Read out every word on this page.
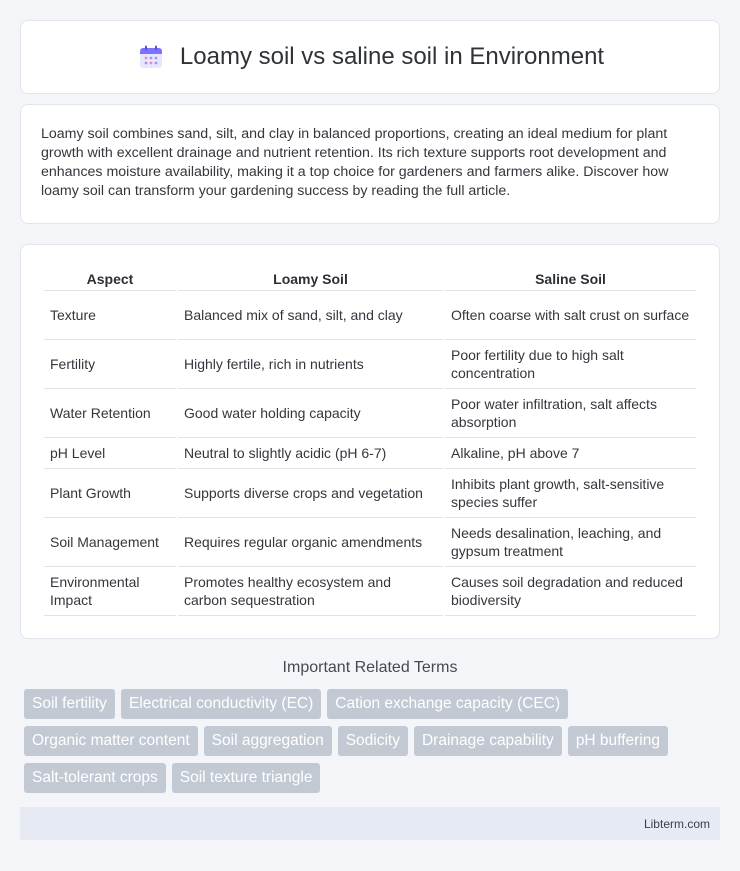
Loamy soil vs saline soil in Environment

Loamy soil combines sand, silt, and clay in balanced proportions, creating an ideal medium for plant growth with excellent drainage and nutrient retention. Its rich texture supports root development and enhances moisture availability, making it a top choice for gardeners and farmers alike. Discover how loamy soil can transform your gardening success by reading the full article.

Aspect	Loamy Soil	Saline Soil
Texture	Balanced mix of sand, silt, and clay	Often coarse with salt crust on surface
Fertility	Highly fertile, rich in nutrients	Poor fertility due to high salt concentration
Water Retention	Good water holding capacity	Poor water infiltration, salt affects absorption
pH Level	Neutral to slightly acidic (pH 6-7)	Alkaline, pH above 7
Plant Growth	Supports diverse crops and vegetation	Inhibits plant growth, salt-sensitive species suffer
Soil Management	Requires regular organic amendments	Needs desalination, leaching, and gypsum treatment
Environmental Impact	Promotes healthy ecosystem and carbon sequestration	Causes soil degradation and reduced biodiversity
Important Related Terms
Soil fertility	Electrical conductivity (EC)	Cation exchange capacity (CEC)
Organic matter content	Soil aggregation	Sodicity	Drainage capability	pH buffering
Salt-tolerant crops	Soil texture triangle
Libterm.com
